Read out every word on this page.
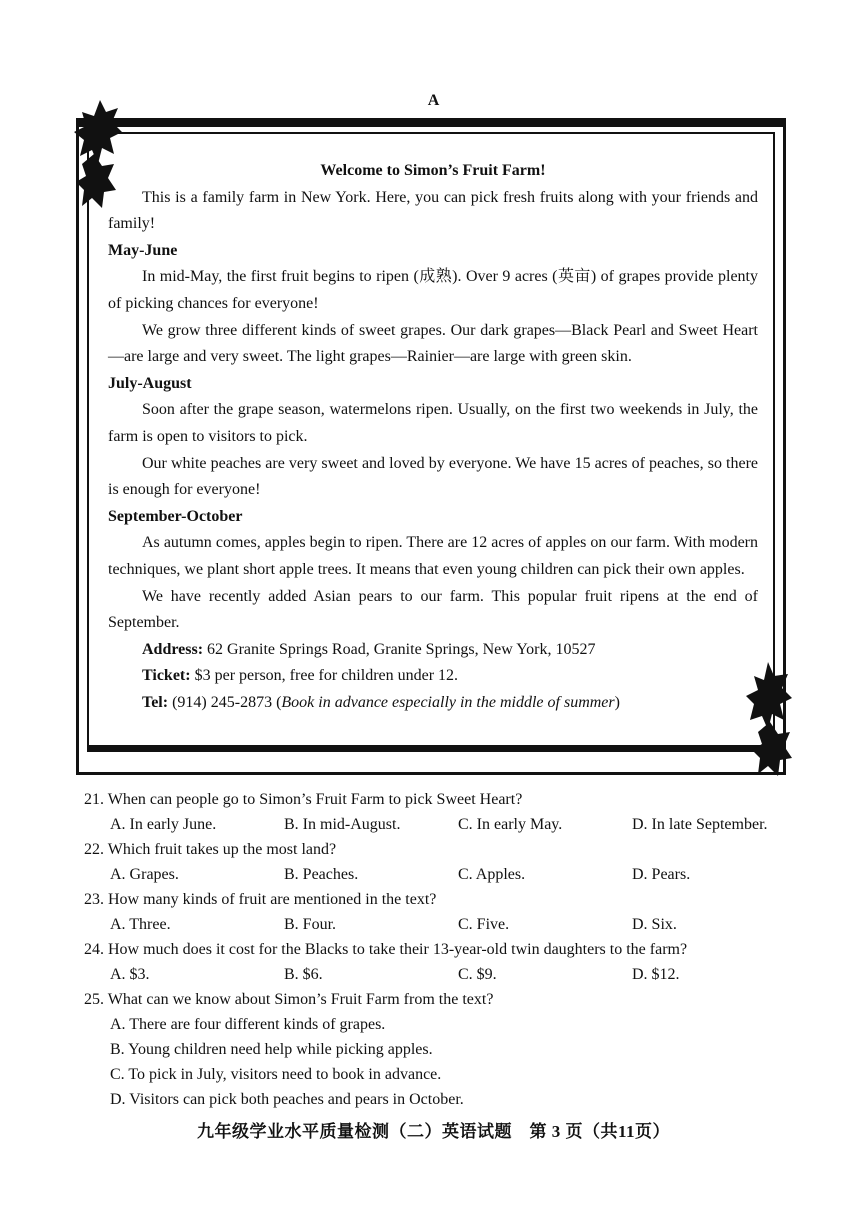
A

Welcome to Simon’s Fruit Farm!

This is a family farm in New York. Here, you can pick fresh fruits along with your friends and family!

May-June

In mid-May, the first fruit begins to ripen (成熟). Over 9 acres (英亩) of grapes provide plenty of picking chances for everyone!

We grow three different kinds of sweet grapes. Our dark grapes—Black Pearl and Sweet Heart—are large and very sweet. The light grapes—Rainier—are large with green skin.

July-August

Soon after the grape season, watermelons ripen. Usually, on the first two weekends in July, the farm is open to visitors to pick.

Our white peaches are very sweet and loved by everyone. We have 15 acres of peaches, so there is enough for everyone!

September-October

As autumn comes, apples begin to ripen. There are 12 acres of apples on our farm. With modern techniques, we plant short apple trees. It means that even young children can pick their own apples.

We have recently added Asian pears to our farm. This popular fruit ripens at the end of September.

Address: 62 Granite Springs Road, Granite Springs, New York, 10527

Ticket: $3 per person, free for children under 12.

Tel: (914) 245-2873 (Book in advance especially in the middle of summer)

21. When can people go to Simon’s Fruit Farm to pick Sweet Heart?

A. In early June.	B. In mid-August.	C. In early May.	D. In late September.

22. Which fruit takes up the most land?

A. Grapes.	B. Peaches.	C. Apples.	D. Pears.

23. How many kinds of fruit are mentioned in the text?

A. Three.	B. Four.	C. Five.	D. Six.

24. How much does it cost for the Blacks to take their 13-year-old twin daughters to the farm?

A. $3.	B. $6.	C. $9.	D. $12.

25. What can we know about Simon’s Fruit Farm from the text?

A. There are four different kinds of grapes.
B. Young children need help while picking apples.
C. To pick in July, visitors need to book in advance.
D. Visitors can pick both peaches and pears in October.
九年级学业水平质量检测（二）英语试题　第 3 页（共11页）
